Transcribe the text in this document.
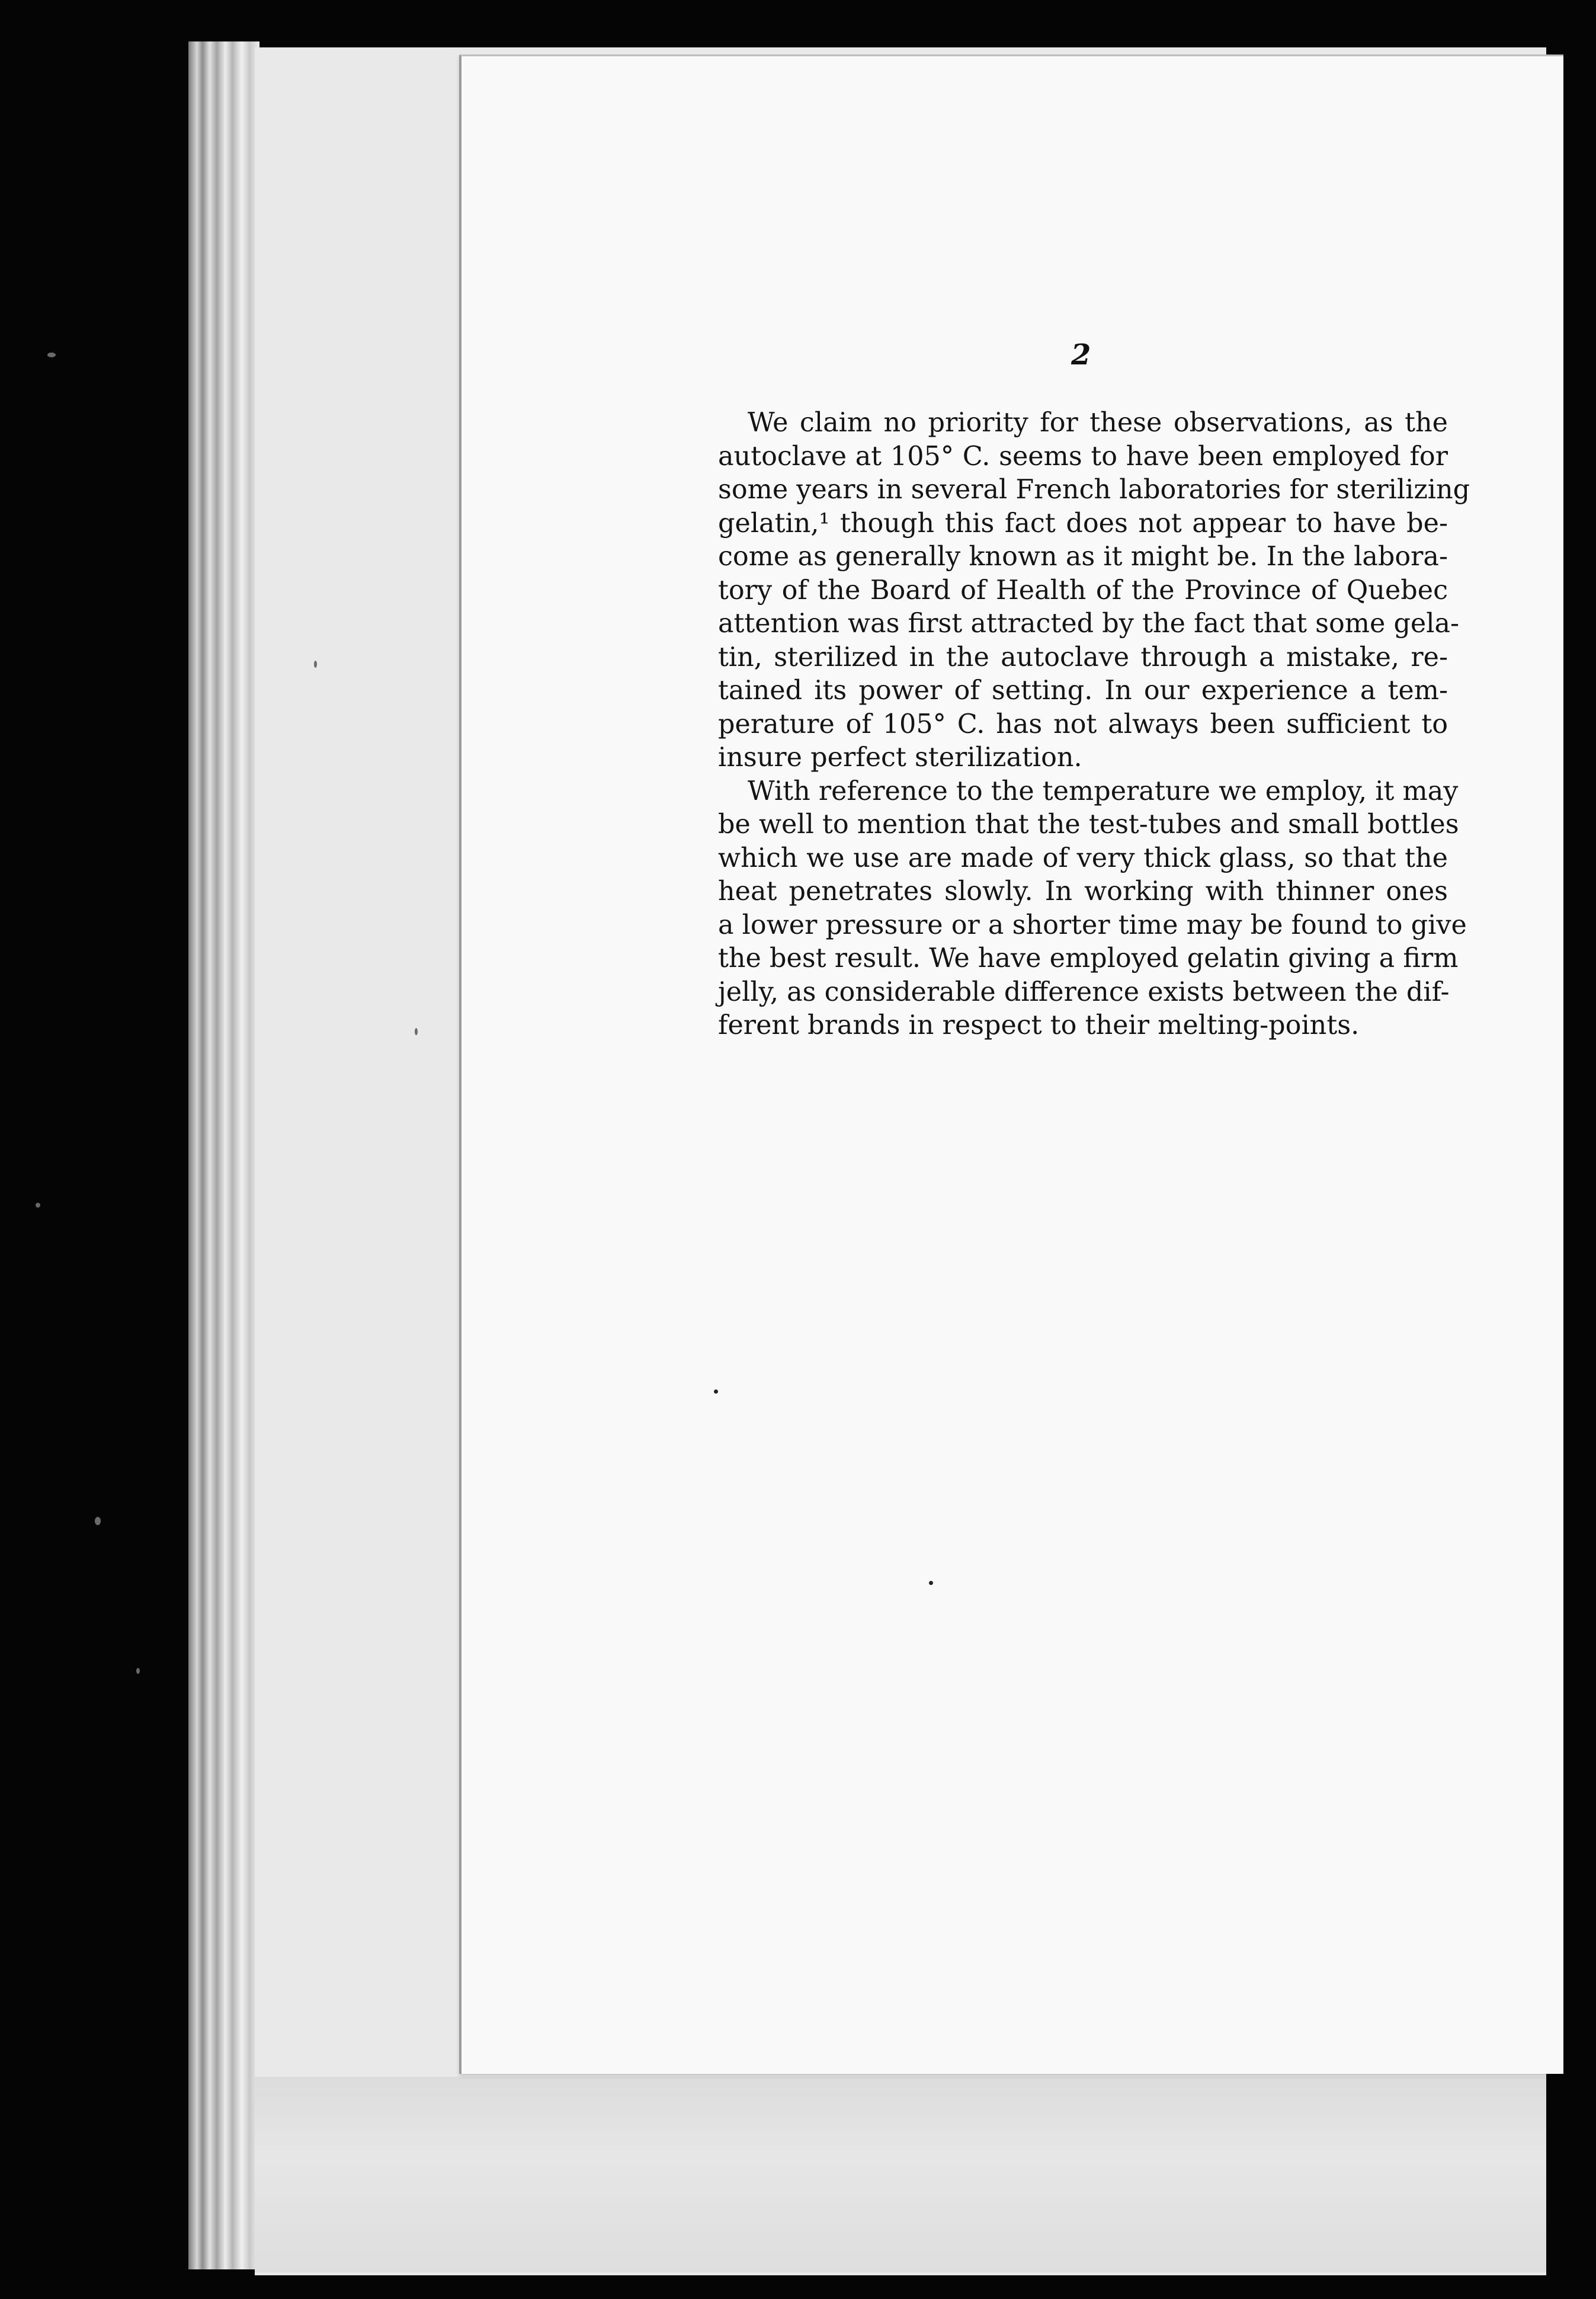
2
We claim no priority for these observations, as the
autoclave at 105° C. seems to have been employed for
some years in several French laboratories for sterilizing
gelatin,¹ though this fact does not appear to have be-
come as generally known as it might be. In the labora-
tory of the Board of Health of the Province of Quebec
attention was first attracted by the fact that some gela-
tin, sterilized in the autoclave through a mistake, re-
tained its power of setting. In our experience a tem-
perature of 105° C. has not always been sufficient to
insure perfect sterilization.
With reference to the temperature we employ, it may
be well to mention that the test-tubes and small bottles
which we use are made of very thick glass, so that the
heat penetrates slowly. In working with thinner ones
a lower pressure or a shorter time may be found to give
the best result. We have employed gelatin giving a firm
jelly, as considerable difference exists between the dif-
ferent brands in respect to their melting-points.
